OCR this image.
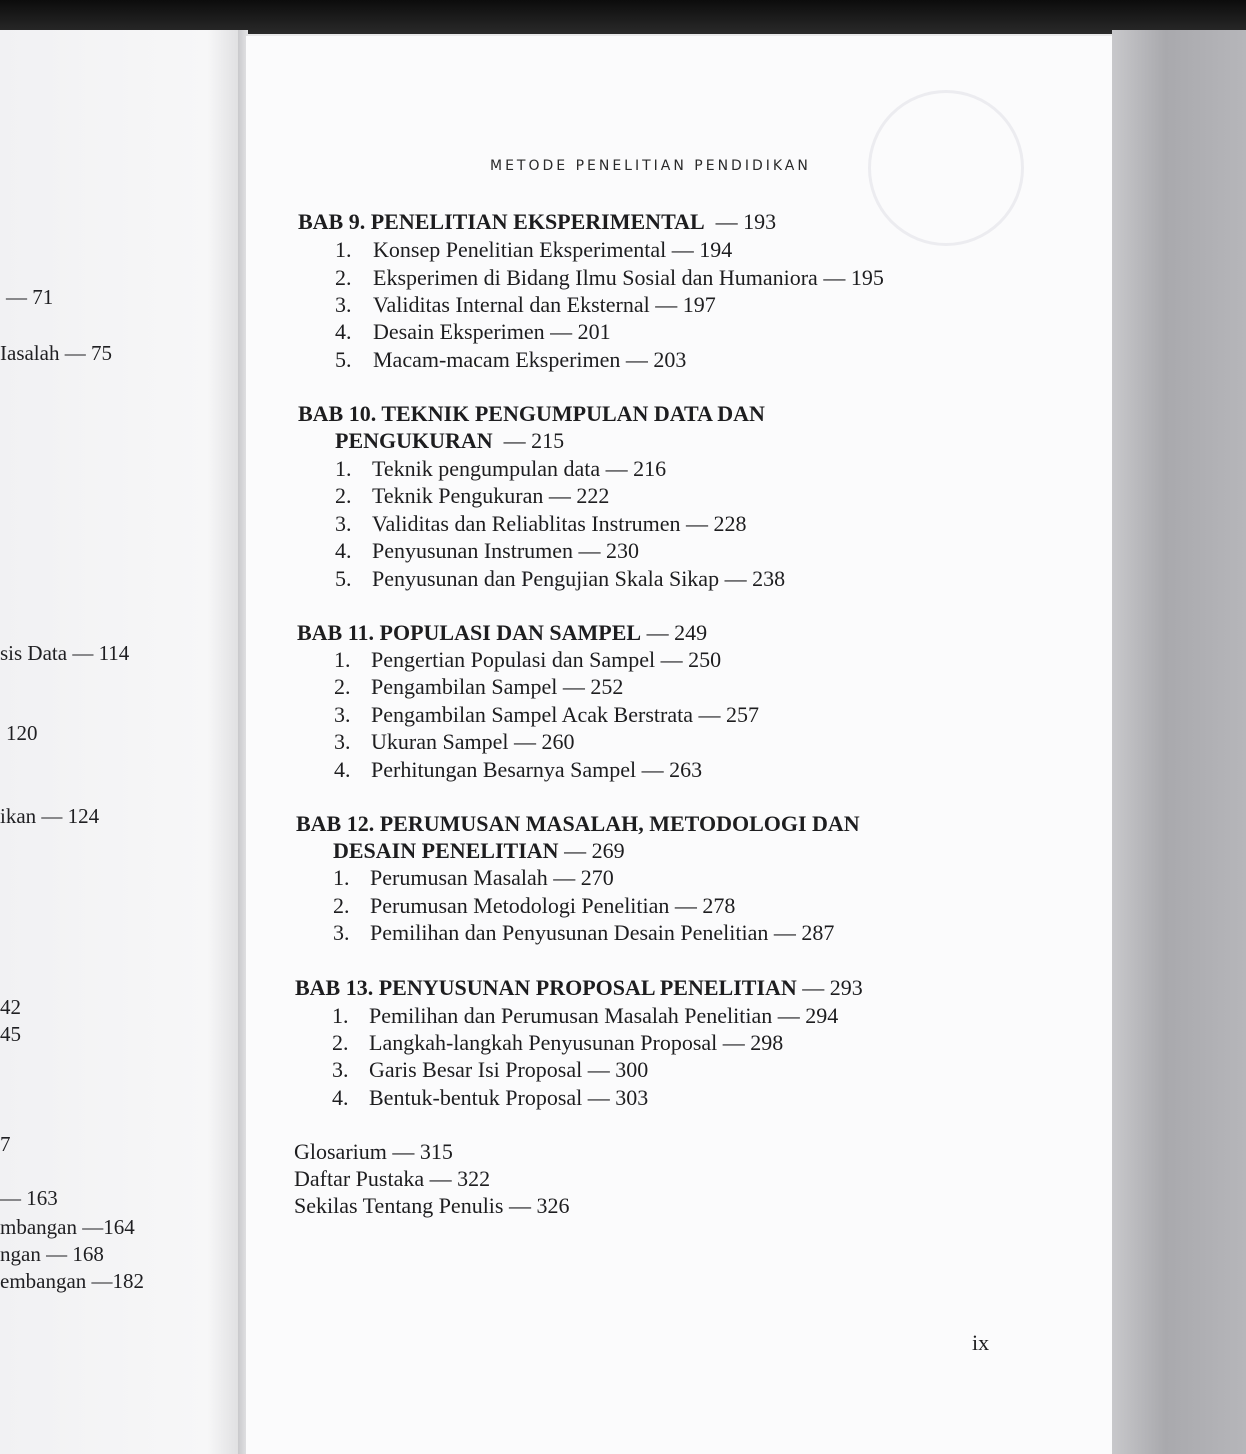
— 71
Iasalah — 75
sis Data — 114
120
ikan — 124
42
45
7
— 163
mbangan —164
ngan — 168
embangan —182
METODE PENELITIAN PENDIDIKAN
BAB 9. PENELITIAN EKSPERIMENTAL — 193
1. Konsep Penelitian Eksperimental — 194
2. Eksperimen di Bidang Ilmu Sosial dan Humaniora — 195
3. Validitas Internal dan Eksternal — 197
4. Desain Eksperimen — 201
5. Macam-macam Eksperimen — 203
BAB 10. TEKNIK PENGUMPULAN DATA DAN
PENGUKURAN — 215
1. Teknik pengumpulan data — 216
2. Teknik Pengukuran — 222
3. Validitas dan Reliablitas Instrumen — 228
4. Penyusunan Instrumen — 230
5. Penyusunan dan Pengujian Skala Sikap — 238
BAB 11. POPULASI DAN SAMPEL — 249
1. Pengertian Populasi dan Sampel — 250
2. Pengambilan Sampel — 252
3. Pengambilan Sampel Acak Berstrata — 257
3. Ukuran Sampel — 260
4. Perhitungan Besarnya Sampel — 263
BAB 12. PERUMUSAN MASALAH, METODOLOGI DAN
DESAIN PENELITIAN — 269
1. Perumusan Masalah — 270
2. Perumusan Metodologi Penelitian — 278
3. Pemilihan dan Penyusunan Desain Penelitian — 287
BAB 13. PENYUSUNAN PROPOSAL PENELITIAN — 293
1. Pemilihan dan Perumusan Masalah Penelitian — 294
2. Langkah-langkah Penyusunan Proposal — 298
3. Garis Besar Isi Proposal — 300
4. Bentuk-bentuk Proposal — 303
Glosarium — 315
Daftar Pustaka — 322
Sekilas Tentang Penulis — 326
ix
